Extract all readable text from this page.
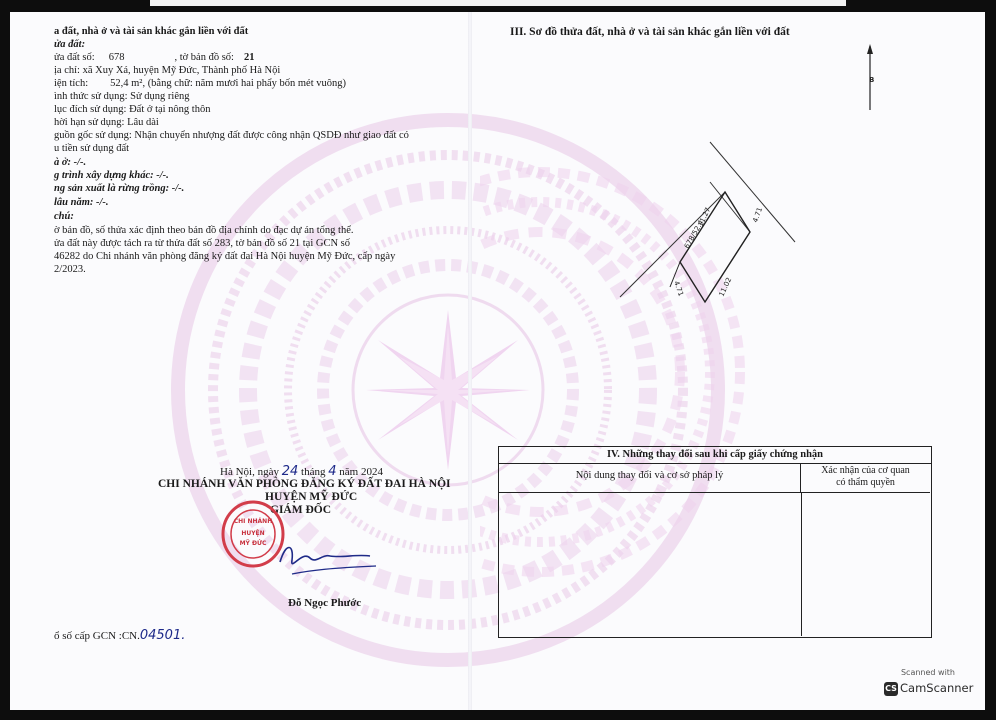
a đất, nhà ở và tài sản khác gắn liền với đất
ửa đất:
ửa đất số: 678	, tờ bản đồ số: 21
ịa chỉ: xã Xuy Xá, huyện Mỹ Đức, Thành phố Hà Nội
iện tích: 52,4 m², (bằng chữ: năm mươi hai phẩy bốn mét vuông)
ình thức sử dụng: Sử dụng riêng
lục đích sử dụng: Đất ở tại nông thôn
hời hạn sử dụng: Lâu dài
guồn gốc sử dụng: Nhận chuyển nhượng đất được công nhận QSDĐ như giao đất có
u tiền sử dụng đất
à ở: -/-.
g trình xây dựng khác: -/-.
ng sản xuất là rừng trồng: -/-.
lâu năm: -/-.
chú:
ờ bản đồ, số thửa xác định theo bản đồ địa chính do đạc dự án tổng thể.
ửa đất này được tách ra từ thửa đất số 283, tờ bản đồ số 21 tại GCN số
46282 do Chi nhánh văn phòng đăng ký đất đai Hà Nội huyện Mỹ Đức, cấp ngày
2/2023.
Hà Nội, ngày 24 tháng 4 năm 2024
CHI NHÁNH VĂN PHÒNG ĐĂNG KÝ ĐẤT ĐAI HÀ NỘI
HUYỆN MỸ ĐỨC
GIÁM ĐỐC
CHI NHÁNH
HUYỆN
MỸ ĐỨC
Đỗ Ngọc Phước
ổ số cấp GCN :CN.04501.
III. Sơ đồ thửa đất, nhà ở và tài sản khác gắn liền với đất
B
678/52.4
11.27	4.71
11.02
4.71
IV. Những thay đổi sau khi cấp giấy chứng nhận
Nội dung thay đổi và cơ sở pháp lý	Xác nhận của cơ quan
có thẩm quyền
Scanned with
CS CamScanner
